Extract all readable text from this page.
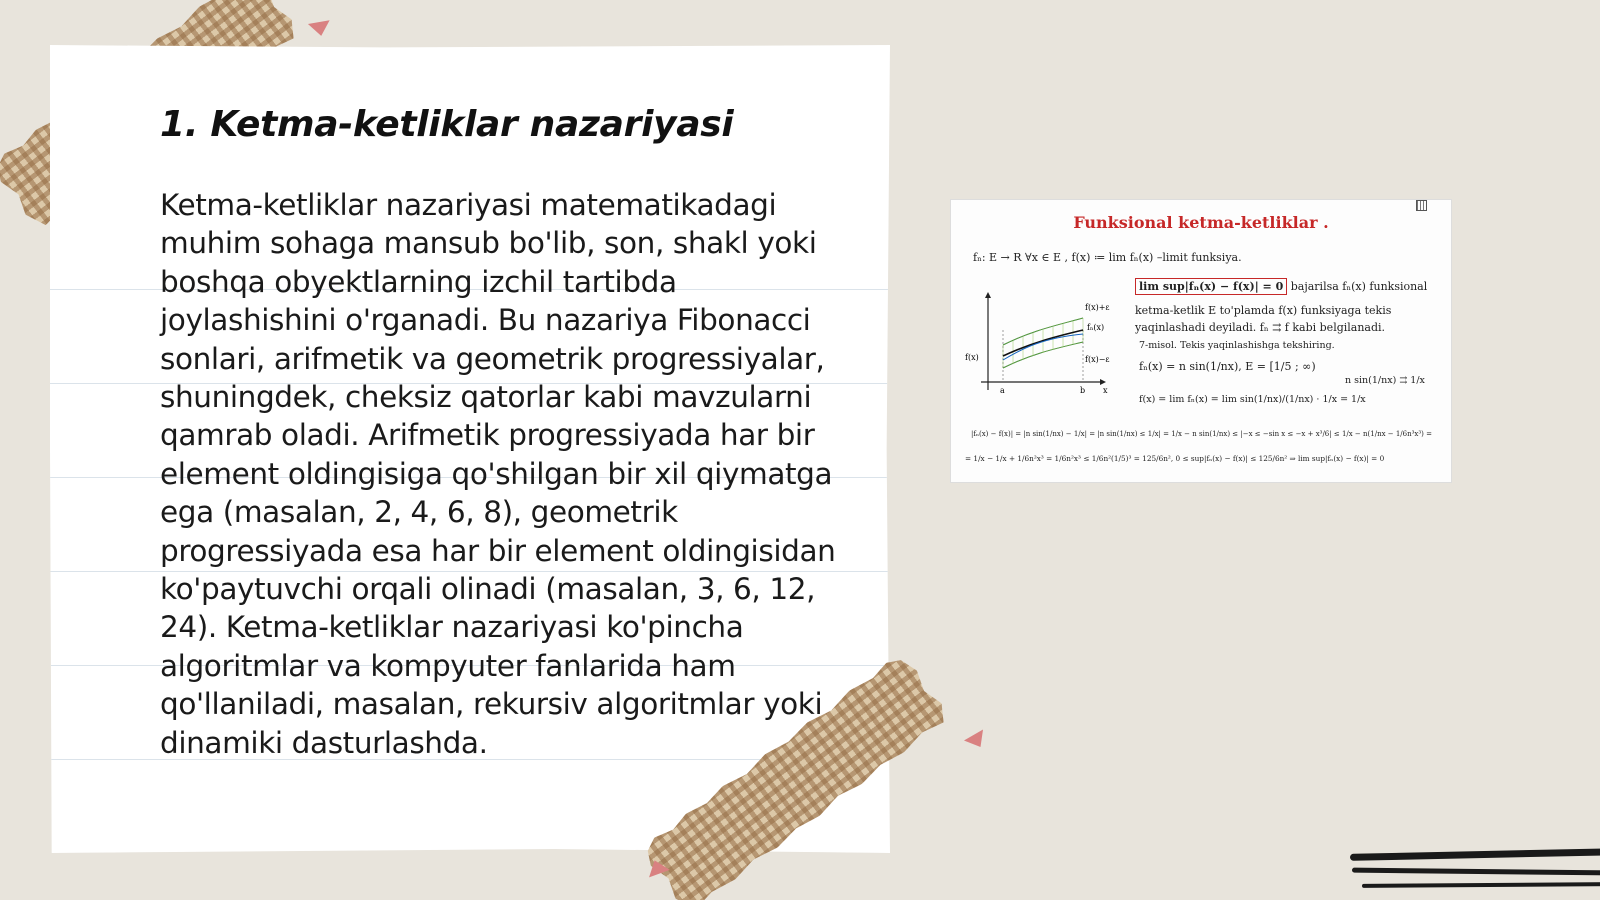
1. Ketma-ketliklar nazariyasi

Ketma-ketliklar nazariyasi matematikadagi muhim sohaga mansub bo'lib, son, shakl yoki boshqa obyektlarning izchil tartibda joylashishini o'rganadi. Bu nazariya Fibonacci sonlari, arifmetik va geometrik progressiyalar, shuningdek, cheksiz qatorlar kabi mavzularni qamrab oladi. Arifmetik progressiyada har bir element oldingisiga qo'shilgan bir xil qiymatga ega (masalan, 2, 4, 6, 8), geometrik progressiyada esa har bir element oldingisidan ko'paytuvchi orqali olinadi (masalan, 3, 6, 12, 24). Ketma-ketliklar nazariyasi ko'pincha algoritmlar va kompyuter fanlarida ham qo'llaniladi, masalan, rekursiv algoritmlar yoki dinamiki dasturlashda.

Funksional ketma-ketliklar .
fₙ: E → R ∀x ∈ E , f(x) ≔ lim fₙ(x) –limit funksiya.
f(x)+ε
fₙ(x)
f(x)−ε
f(x)
a	b x
lim sup|fₙ(x) − f(x)| = 0 bajarilsa fₙ(x) funksional
ketma-ketlik E to'plamda f(x) funksiyaga tekis
yaqinlashadi deyiladi. fₙ ⇉ f kabi belgilanadi.
7-misol. Tekis yaqinlashishga tekshiring.
fₙ(x) = n sin(1/nx), E = [1/5 ; ∞)
n sin(1/nx) ⇉ 1/x
f(x) = lim fₙ(x) = lim sin(1/nx)/(1/nx) · 1/x = 1/x
|fₙ(x) − f(x)| = |n sin(1/nx) − 1/x| = |n sin(1/nx) ≤ 1/x| = 1/x − n sin(1/nx) ≤ |−x ≤ −sin x ≤ −x + x³/6| ≤ 1/x − n(1/nx − 1/6n³x³) =
= 1/x − 1/x + 1/6n²x³ = 1/6n²x³ ≤ 1/6n²(1/5)³ = 125/6n², 0 ≤ sup|fₙ(x) − f(x)| ≤ 125/6n² ⇒ lim sup|fₙ(x) − f(x)| = 0
